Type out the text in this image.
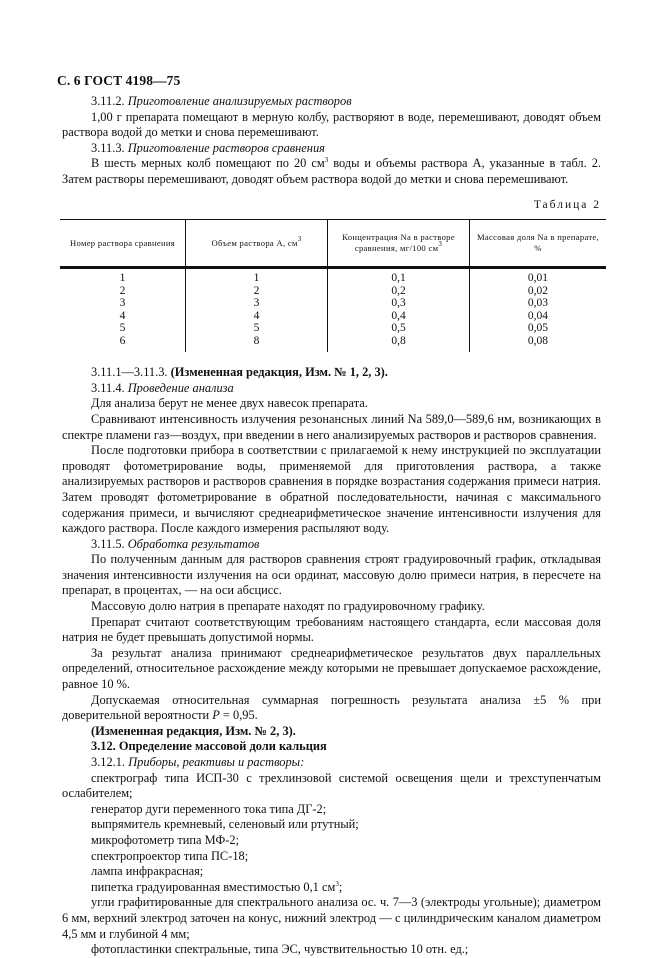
С. 6 ГОСТ 4198—75

3.11.2. Приготовление анализируемых растворов

1,00 г препарата помещают в мерную колбу, растворяют в воде, перемешивают, доводят объем раствора водой до метки и снова перемешивают.

3.11.3. Приготовление растворов сравнения

В шесть мерных колб помещают по 20 $см^3$ воды и объемы раствора А, указанные в табл. 2. Затем растворы перемешивают, доводят объем раствора водой до метки и снова перемешивают.

Таблица 2

Номер раствора сравнения	Объем раствора А, $см^3$	Концентрация Na в растворе сравнения, мг/100 $см^3$	Массовая доля Na в препарате, %
1	1	0,1	0,01
2	2	0,2	0,02
3	3	0,3	0,03
4	4	0,4	0,04
5	5	0,5	0,05
6	8	0,8	0,08

3.11.1—3.11.3. (Измененная редакция, Изм. № 1, 2, 3).

3.11.4. Проведение анализа

Для анализа берут не менее двух навесок препарата.

Сравнивают интенсивность излучения резонансных линий Na 589,0—589,6 нм, возникающих в спектре пламени газ—воздух, при введении в него анализируемых растворов и растворов сравнения.

После подготовки прибора в соответствии с прилагаемой к нему инструкцией по эксплуатации проводят фотометрирование воды, применяемой для приготовления раствора, а также анализируемых растворов и растворов сравнения в порядке возрастания содержания примеси натрия. Затем проводят фотометрирование в обратной последовательности, начиная с максимального содержания примеси, и вычисляют среднеарифметическое значение интенсивности излучения для каждого раствора. После каждого измерения распыляют воду.

3.11.5. Обработка результатов

По полученным данным для растворов сравнения строят градуировочный график, откладывая значения интенсивности излучения на оси ординат, массовую долю примеси натрия, в пересчете на препарат, в процентах, — на оси абсцисс.

Массовую долю натрия в препарате находят по градуировочному графику.

Препарат считают соответствующим требованиям настоящего стандарта, если массовая доля натрия не будет превышать допустимой нормы.

За результат анализа принимают среднеарифметическое результатов двух параллельных определений, относительное расхождение между которыми не превышает допускаемое расхождение, равное 10 %.

Допускаемая относительная суммарная погрешность результата анализа ±5 % при доверительной вероятности P = 0,95.

(Измененная редакция, Изм. № 2, 3).

3.12. Определение массовой доли кальция

3.12.1. Приборы, реактивы и растворы:

спектрограф типа ИСП-30 с трехлинзовой системой освещения щели и трехступенчатым ослабителем;

генератор дуги переменного тока типа ДГ-2;

выпрямитель кремневый, селеновый или ртутный;

микрофотометр типа МФ-2;

спектропроектор типа ПС-18;

лампа инфракрасная;

пипетка градуированная вместимостью 0,1 $см^3$;

угли графитированные для спектрального анализа ос. ч. 7—3 (электроды угольные); диаметром 6 мм, верхний электрод заточен на конус, нижний электрод — с цилиндрическим каналом диаметром 4,5 мм и глубиной 4 мм;

фотопластинки спектральные, типа ЭС, чувствительностью 10 отн. ед.;
